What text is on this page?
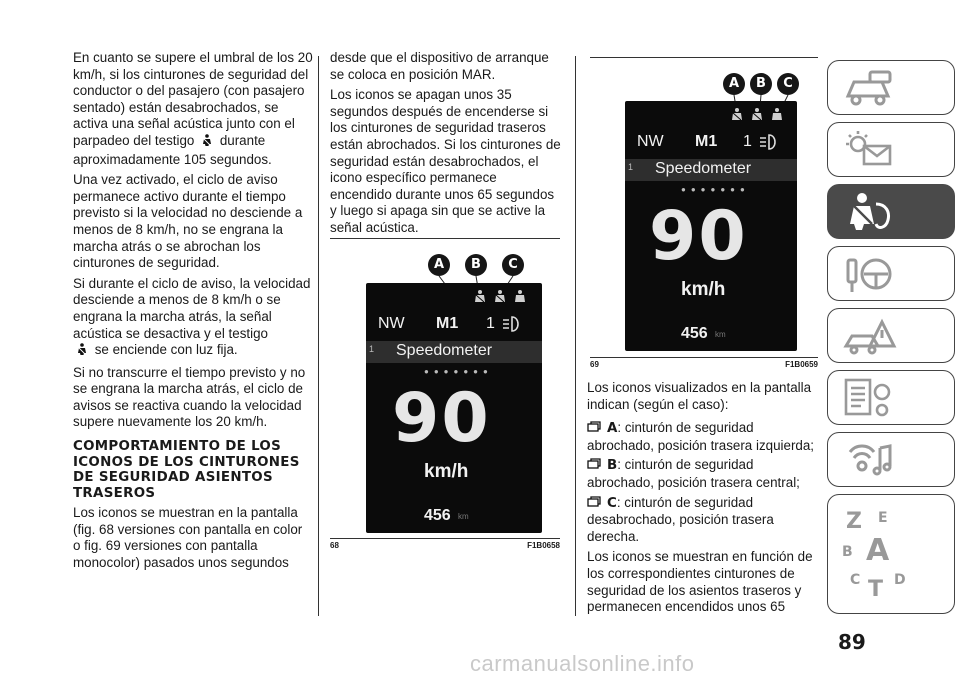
En cuanto se supere el umbral de los 20 km/h, si los cinturones de seguridad del conductor o del pasajero (con pasajero sentado) están desabrochados, se activa una señal acústica junto con el parpadeo del testigo durante aproximadamente 105 segundos.

Una vez activado, el ciclo de aviso permanece activo durante el tiempo previsto si la velocidad no desciende a menos de 8 km/h, no se engrana la marcha atrás o se abrochan los cinturones de seguridad.

Si durante el ciclo de aviso, la velocidad desciende a menos de 8 km/h o se engrana la marcha atrás, la señal acústica se desactiva y el testigo
se enciende con luz fija.

Si no transcurre el tiempo previsto y no se engrana la marcha atrás, el ciclo de avisos se reactiva cuando la velocidad supere nuevamente los 20 km/h.

COMPORTAMIENTO DE LOS ICONOS DE LOS CINTURONES DE SEGURIDAD ASIENTOS TRASEROS

Los iconos se muestran en la pantalla (fig. 68 versiones con pantalla en color o fig. 69 versiones con pantalla monocolor) pasados unos segundos

desde que el dispositivo de arranque se coloca en posición MAR.

Los iconos se apagan unos 35 segundos después de encenderse si los cinturones de seguridad traseros están abrochados. Si los cinturones de seguridad están desabrochados, el icono específico permanece encendido durante unos 65 segundos y luego si apaga sin que se active la señal acústica.

A	B	C
NW M1 1
1 Speedometer
●●●●●●●
90
km/h
456 km
68	F1B0658
A	B	C
NW M1 1
1 Speedometer
●●●●●●●
90
km/h
456 km
69	F1B0659

Los iconos visualizados en la pantalla indican (según el caso):

A: cinturón de seguridad abrochado, posición trasera izquierda;
B: cinturón de seguridad abrochado, posición trasera central;
C: cinturón de seguridad desabrochado, posición trasera derecha.

Los iconos se muestran en función de los correspondientes cinturones de seguridad de los asientos traseros y permanecen encendidos unos 65

Z E
B A
C T D
89
carmanualsonline.info
